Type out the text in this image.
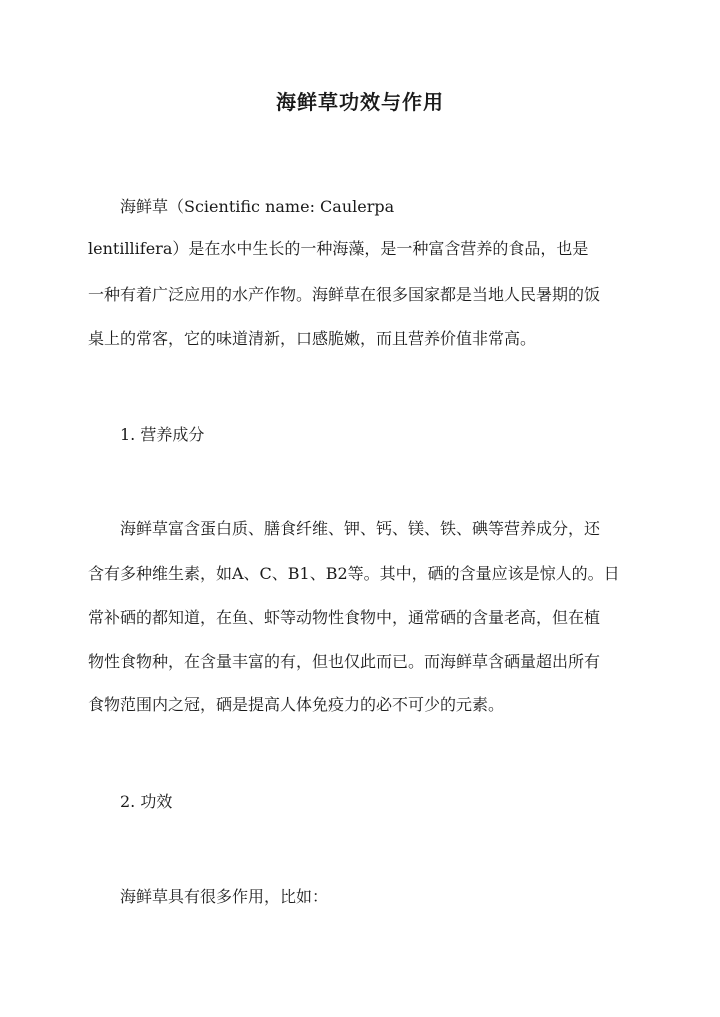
海鲜草功效与作用
海鲜草（Scientific name: Caulerpa
lentillifera）是在水中生长的一种海藻，是一种富含营养的食品，也是
一种有着广泛应用的水产作物。海鲜草在很多国家都是当地人民暑期的饭
桌上的常客，它的味道清新，口感脆嫩，而且营养价值非常高。
1. 营养成分
海鲜草富含蛋白质、膳食纤维、钾、钙、镁、铁、碘等营养成分，还
含有多种维生素，如A、C、B1、B2等。其中，硒的含量应该是惊人的。日
常补硒的都知道，在鱼、虾等动物性食物中，通常硒的含量老高，但在植
物性食物种，在含量丰富的有，但也仅此而已。而海鲜草含硒量超出所有
食物范围内之冠，硒是提高人体免疫力的必不可少的元素。
2. 功效
海鲜草具有很多作用，比如：
